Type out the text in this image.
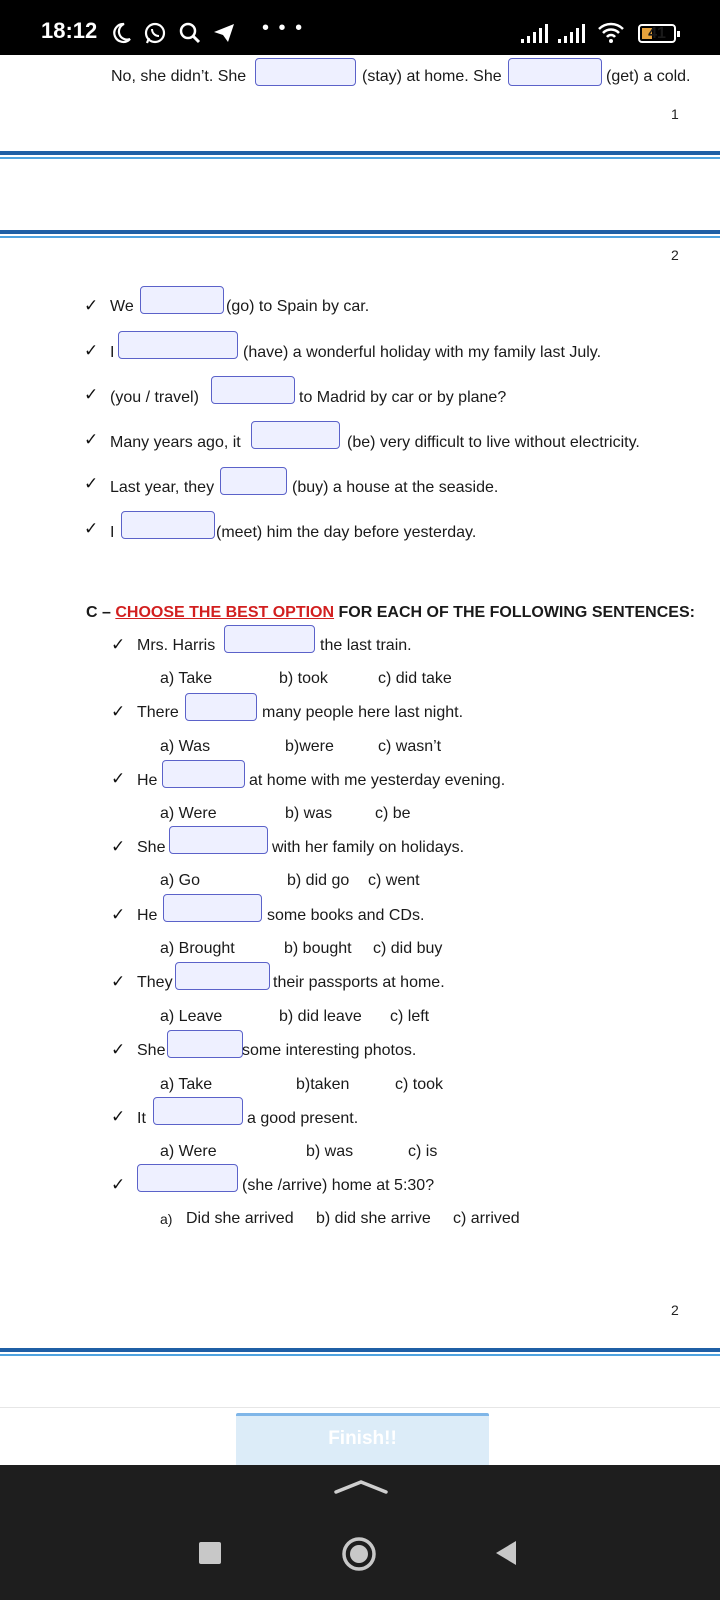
18:12	• • •	41
No, she didn’t. She	(stay) at home. She	(get) a cold.
1
2
✓ We	(go) to Spain by car.
✓ I	(have) a wonderful holiday with my family last July.
✓ (you / travel)	to Madrid by car or by plane?
✓ Many years ago, it	(be) very difficult to live without electricity.
✓ Last year, they	(buy) a house at the seaside.
✓ I	(meet) him the day before yesterday.
C – CHOOSE THE BEST OPTION FOR EACH OF THE FOLLOWING SENTENCES:
✓ Mrs. Harris	the last train.
a) Take	b) took	c) did take
✓ There	many people here last night.
a) Was	b)were	c) wasn’t
✓ He	at home with me yesterday evening.
a) Were	b) was	c) be
✓ She	with her family on holidays.
a) Go	b) did go c) went
✓ He	some books and CDs.
a) Brought	b) bought c) did buy
✓ They	their passports at home.
a) Leave	b) did leave c) left
✓ She	some interesting photos.
a) Take	b)taken	c) took
✓ It	a good present.
a) Were	b) was	c) is
✓	(she /arrive) home at 5:30?
a) Did she arrived b) did she arrive c) arrived
2
Finish!!
